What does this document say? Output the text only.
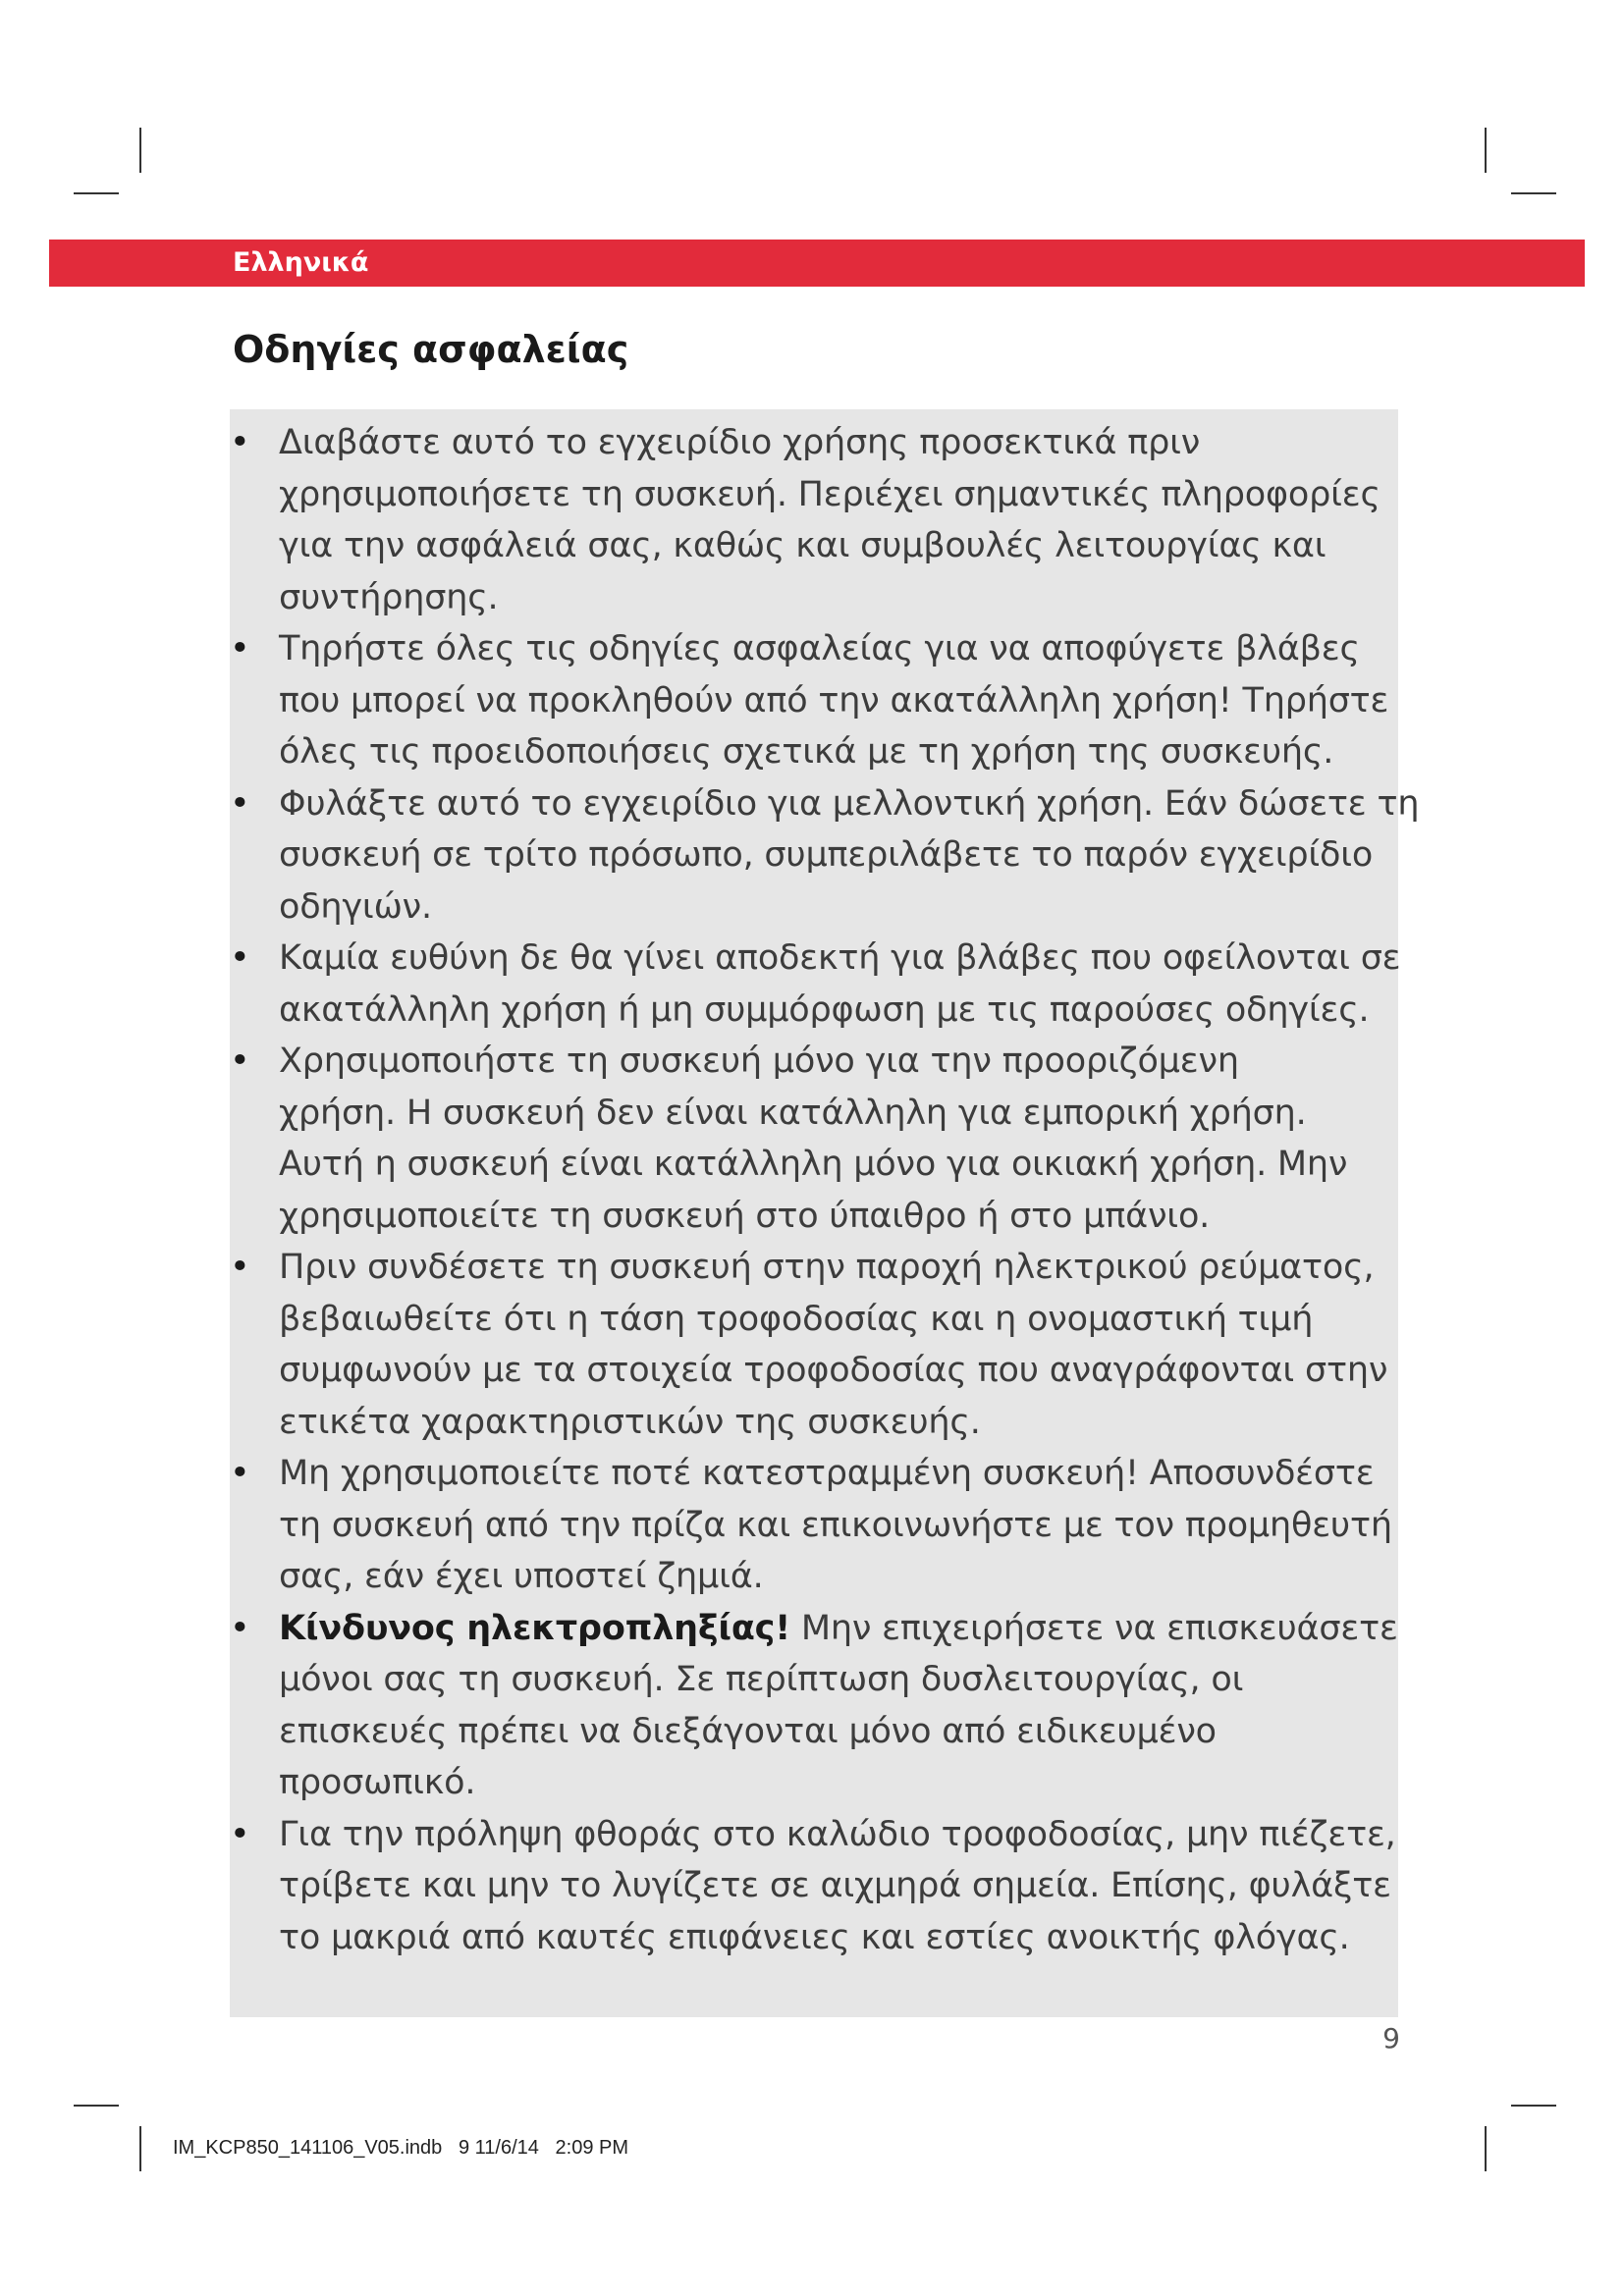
Ελληνικά
Οδηγίες ασφαλείας
• Διαβάστε αυτό το εγχειρίδιο χρήσης προσεκτικά πριν
χρησιμοποιήσετε τη συσκευή. Περιέχει σημαντικές πληροφορίες
για την ασφάλειά σας, καθώς και συμβουλές λειτουργίας και
συντήρησης.
• Τηρήστε όλες τις οδηγίες ασφαλείας για να αποφύγετε βλάβες
που μπορεί να προκληθούν από την ακατάλληλη χρήση! Τηρήστε
όλες τις προειδοποιήσεις σχετικά με τη χρήση της συσκευής.
• Φυλάξτε αυτό το εγχειρίδιο για μελλοντική χρήση. Εάν δώσετε τη
συσκευή σε τρίτο πρόσωπο, συμπεριλάβετε το παρόν εγχειρίδιο
οδηγιών.
• Καμία ευθύνη δε θα γίνει αποδεκτή για βλάβες που οφείλονται σε
ακατάλληλη χρήση ή μη συμμόρφωση με τις παρούσες οδηγίες.
• Χρησιμοποιήστε τη συσκευή μόνο για την προοριζόμενη
χρήση. Η συσκευή δεν είναι κατάλληλη για εμπορική χρήση.
Αυτή η συσκευή είναι κατάλληλη μόνο για οικιακή χρήση. Μην
χρησιμοποιείτε τη συσκευή στο ύπαιθρο ή στο μπάνιο.
• Πριν συνδέσετε τη συσκευή στην παροχή ηλεκτρικού ρεύματος,
βεβαιωθείτε ότι η τάση τροφοδοσίας και η ονομαστική τιμή
συμφωνούν με τα στοιχεία τροφοδοσίας που αναγράφονται στην
ετικέτα χαρακτηριστικών της συσκευής.
• Μη χρησιμοποιείτε ποτέ κατεστραμμένη συσκευή! Αποσυνδέστε
τη συσκευή από την πρίζα και επικοινωνήστε με τον προμηθευτή
σας, εάν έχει υποστεί ζημιά.
• Κίνδυνος ηλεκτροπληξίας! Μην επιχειρήσετε να επισκευάσετε
μόνοι σας τη συσκευή. Σε περίπτωση δυσλειτουργίας, οι
επισκευές πρέπει να διεξάγονται μόνο από ειδικευμένο
προσωπικό.
• Για την πρόληψη φθοράς στο καλώδιο τροφοδοσίας, μην πιέζετε,
τρίβετε και μην το λυγίζετε σε αιχμηρά σημεία. Επίσης, φυλάξτε
το μακριά από καυτές επιφάνειες και εστίες ανοικτής φλόγας.
9
IM_KCP850_141106_V05.indb   9 11/6/14   2:09 PM
